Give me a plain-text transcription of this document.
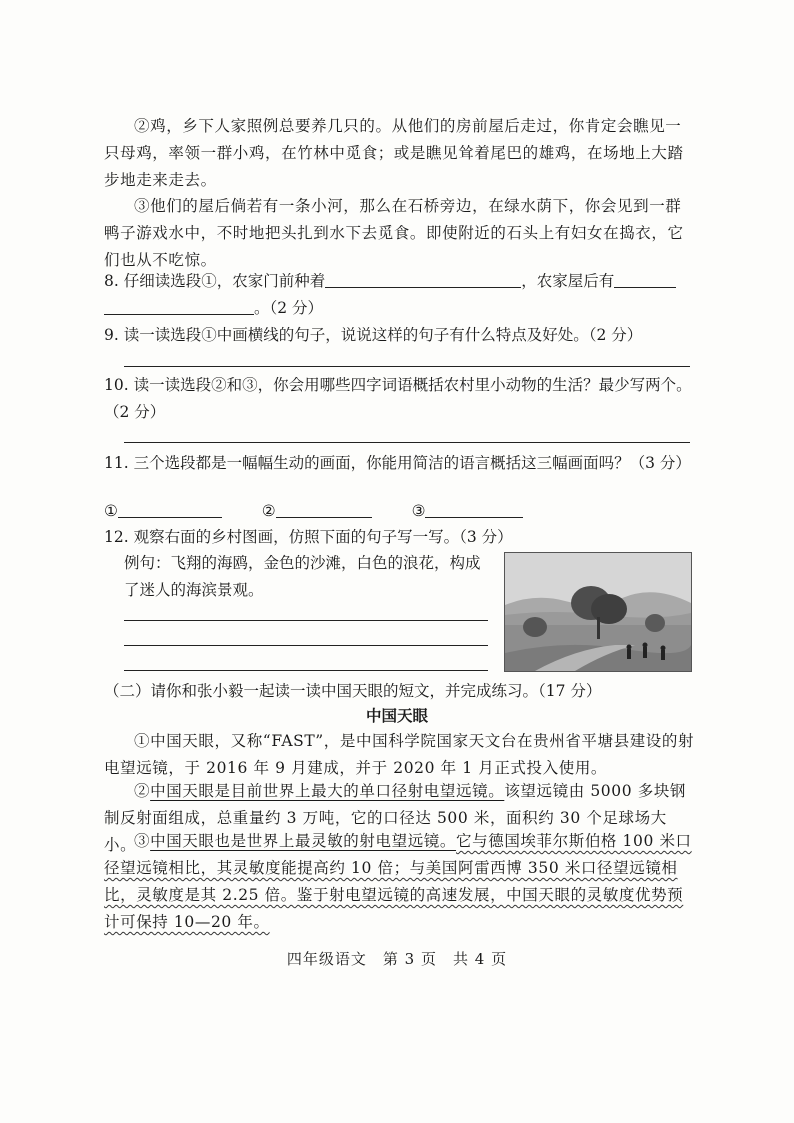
②鸡，乡下人家照例总要养几只的。从他们的房前屋后走过，你肯定会瞧见一只母鸡，率领一群小鸡，在竹林中觅食；或是瞧见耸着尾巴的雄鸡，在场地上大踏步地走来走去。
③他们的屋后倘若有一条小河，那么在石桥旁边，在绿水荫下，你会见到一群鸭子游戏水中，不时地把头扎到水下去觅食。即使附近的石头上有妇女在捣衣，它们也从不吃惊。
8. 仔细读选段①，农家门前种着	，农家屋后有
。（2 分）
9. 读一读选段①中画横线的句子，说说这样的句子有什么特点及好处。（2 分）
10. 读一读选段②和③，你会用哪些四字词语概括农村里小动物的生活？最少写两个。（2 分）
11. 三个选段都是一幅幅生动的画面，你能用简洁的语言概括这三幅画面吗？（3 分）
①	②	③
12. 观察右面的乡村图画，仿照下面的句子写一写。（3 分）
例句：飞翔的海鸥，金色的沙滩，白色的浪花，构成了迷人的海滨景观。
（二）请你和张小毅一起读一读中国天眼的短文，并完成练习。（17 分）
中国天眼
①中国天眼，又称“FAST”，是中国科学院国家天文台在贵州省平塘县建设的射电望远镜，于 2016 年 9 月建成，并于 2020 年 1 月正式投入使用。
②中国天眼是目前世界上最大的单口径射电望远镜。该望远镜由 5000 多块钢制反射面组成，总重量约 3 万吨，它的口径达 500 米，面积约 30 个足球场大小。
③中国天眼也是世界上最灵敏的射电望远镜。它与德国埃菲尔斯伯格 100 米口径望远镜相比，其灵敏度能提高约 10 倍；与美国阿雷西博 350 米口径望远镜相比，灵敏度是其 2.25 倍。鉴于射电望远镜的高速发展，中国天眼的灵敏度优势预计可保持 10—20 年。
四年级语文　第 3 页　共 4 页
